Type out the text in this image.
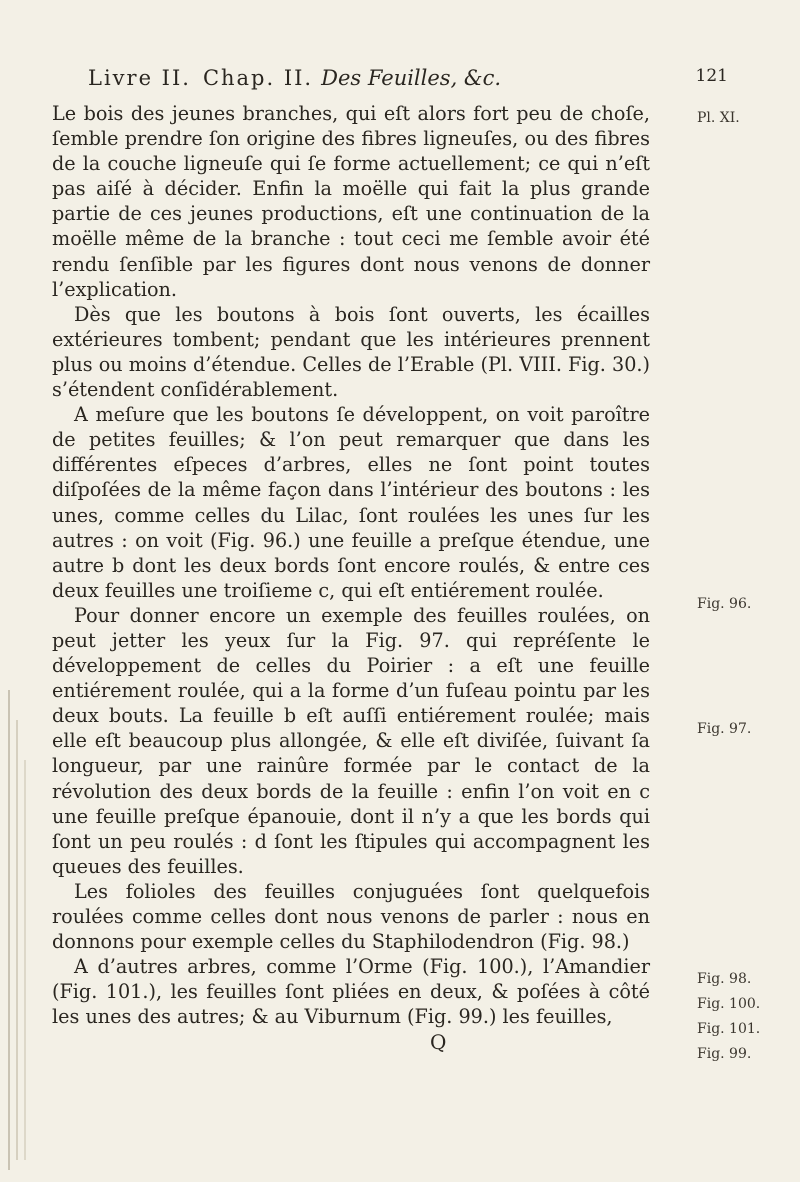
Livre II. Chap. II. Des Feuilles, &c.	121

Le bois des jeunes branches, qui eſt alors fort peu de choſe, ſemble prendre ſon origine des fibres ligneuſes, ou des fibres de la couche ligneuſe qui ſe forme actuellement; ce qui n’eſt pas aiſé à décider. Enfin la moëlle qui fait la plus grande partie de ces jeunes productions, eſt une continuation de la moëlle même de la branche : tout ceci me ſemble avoir été rendu ſenſible par les figures dont nous venons de donner l’explication.

Dès que les boutons à bois ſont ouverts, les écailles extérieures tombent; pendant que les intérieures prennent plus ou moins d’étendue. Celles de l’Erable (Pl. VIII. Fig. 30.) s’étendent conſidérablement.

A meſure que les boutons ſe développent, on voit paroître de petites feuilles; & l’on peut remarquer que dans les différentes eſpeces d’arbres, elles ne ſont point toutes diſpoſées de la même façon dans l’intérieur des boutons : les unes, comme celles du Lilac, ſont roulées les unes ſur les autres : on voit (Fig. 96.) une feuille a preſque étendue, une autre b dont les deux bords ſont encore roulés, & entre ces deux feuilles une troiſieme c, qui eſt entiérement roulée.

Pour donner encore un exemple des feuilles roulées, on peut jetter les yeux ſur la Fig. 97. qui repréſente le développement de celles du Poirier : a eſt une feuille entiérement roulée, qui a la forme d’un fuſeau pointu par les deux bouts. La feuille b eſt auſſi entiérement roulée; mais elle eſt beaucoup plus allongée, & elle eſt diviſée, ſuivant ſa longueur, par une rainûre formée par le contact de la révolution des deux bords de la feuille : enfin l’on voit en c une feuille preſque épanouie, dont il n’y a que les bords qui ſont un peu roulés : d ſont les ſtipules qui accompagnent les queues des feuilles.

Les folioles des feuilles conjuguées ſont quelquefois roulées comme celles dont nous venons de parler : nous en donnons pour exemple celles du Staphilodendron (Fig. 98.)

A d’autres arbres, comme l’Orme (Fig. 100.), l’Amandier (Fig. 101.), les feuilles ſont pliées en deux, & poſées à côté les unes des autres; & au Viburnum (Fig. 99.) les feuilles,

Pl. XI.
Fig. 96.
Fig. 97.
Fig. 98.
Fig. 100.
Fig. 101.
Fig. 99.
Q
